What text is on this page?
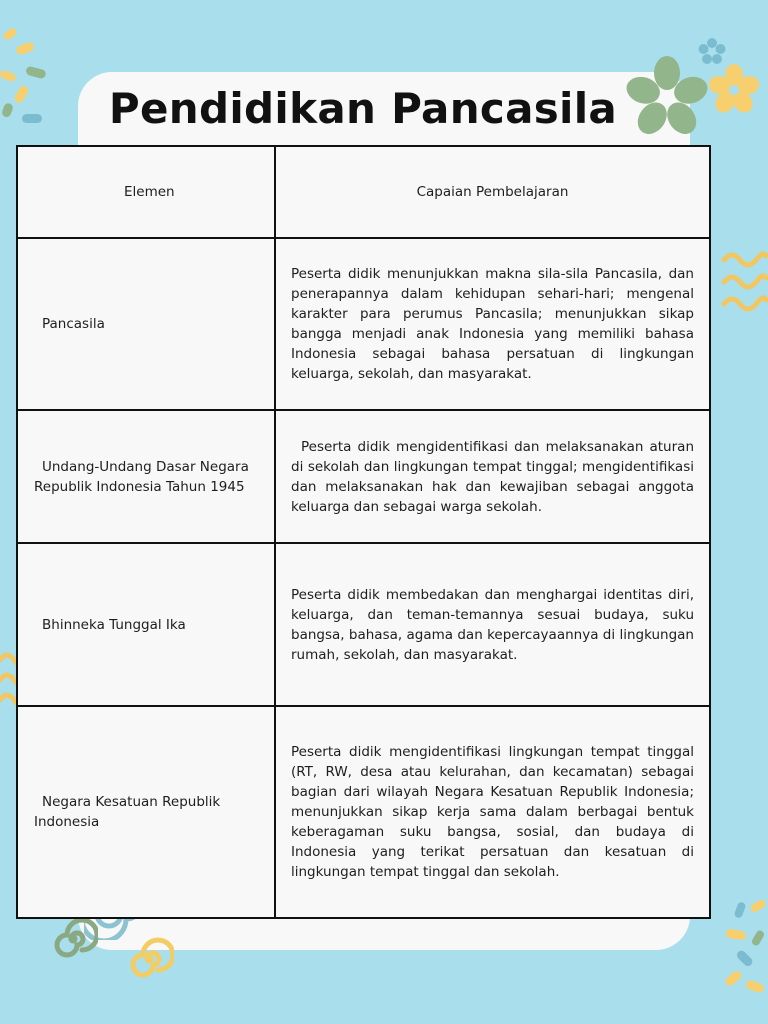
Pendidikan Pancasila
Elemen	Capaian Pembelajaran

Pancasila	Peserta didik menunjukkan makna sila-sila Pancasila, dan penerapannya dalam kehidupan sehari-hari; mengenal karakter para perumus Pancasila; menunjukkan sikap bangga menjadi anak Indonesia yang memiliki bahasa Indonesia sebagai bahasa persatuan di lingkungan keluarga, sekolah, dan masyarakat.

Undang-Undang Dasar Negara Republik Indonesia Tahun 1945	Peserta didik mengidentifikasi dan melaksanakan aturan di sekolah dan lingkungan tempat tinggal; mengidentifikasi dan melaksanakan hak dan kewajiban sebagai anggota keluarga dan sebagai warga sekolah.

Bhinneka Tunggal Ika	Peserta didik membedakan dan menghargai identitas diri, keluarga, dan teman-temannya sesuai budaya, suku bangsa, bahasa, agama dan kepercayaannya di lingkungan rumah, sekolah, dan masyarakat.

Negara Kesatuan Republik Indonesia	Peserta didik mengidentifikasi lingkungan tempat tinggal (RT, RW, desa atau kelurahan, dan kecamatan) sebagai bagian dari wilayah Negara Kesatuan Republik Indonesia; menunjukkan sikap kerja sama dalam berbagai bentuk keberagaman suku bangsa, sosial, dan budaya di Indonesia yang terikat persatuan dan kesatuan di lingkungan tempat tinggal dan sekolah.
